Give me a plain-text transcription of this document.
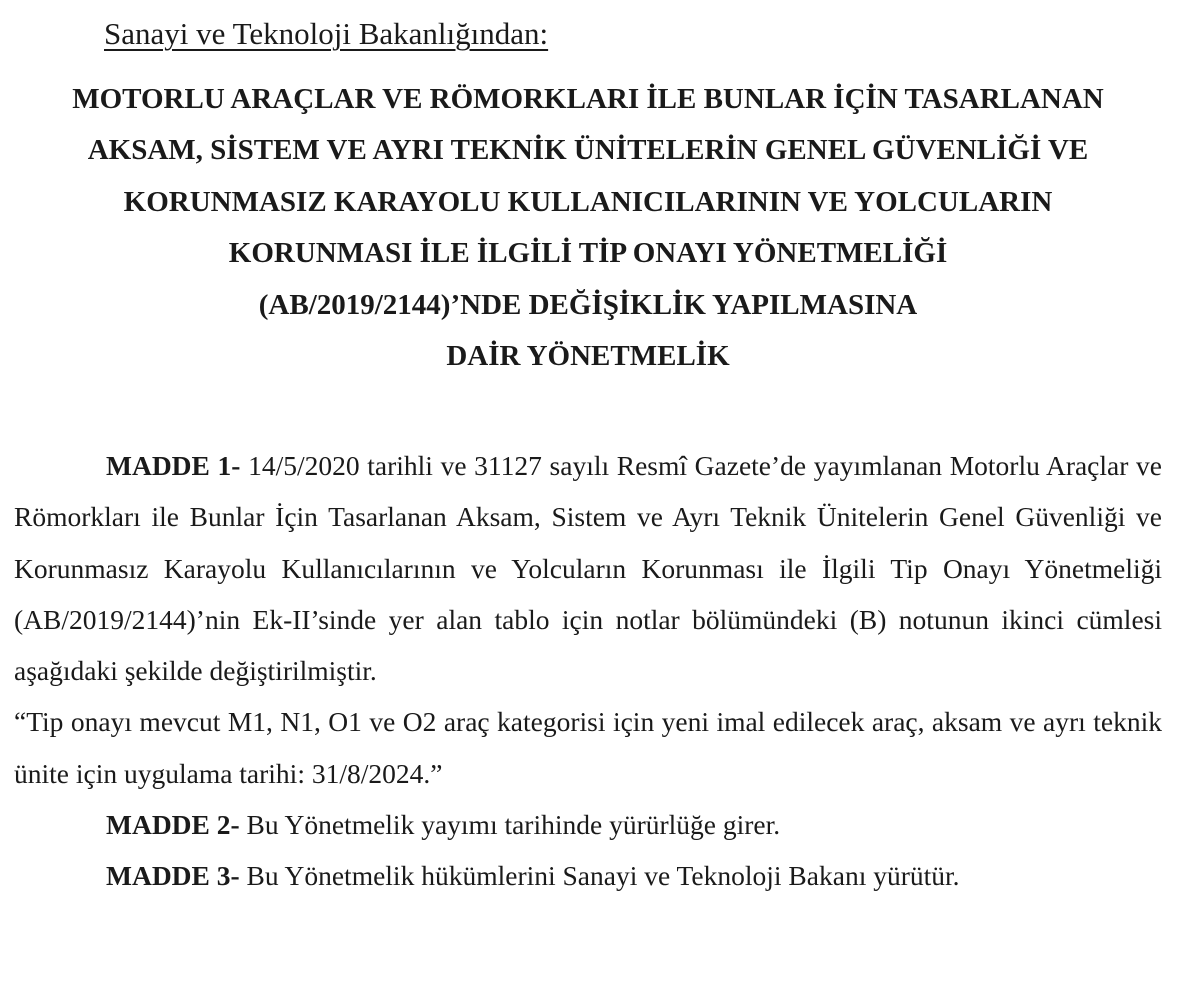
Sanayi ve Teknoloji Bakanlığından:

MOTORLU ARAÇLAR VE RÖMORKLARI İLE BUNLAR İÇİN TASARLANAN
AKSAM, SİSTEM VE AYRI TEKNİK ÜNİTELERİN GENEL GÜVENLİĞİ VE
KORUNMASIZ KARAYOLU KULLANICILARININ VE YOLCULARIN
KORUNMASI İLE İLGİLİ TİP ONAYI YÖNETMELİĞİ
(AB/2019/2144)’NDE DEĞİŞİKLİK YAPILMASINA
DAİR YÖNETMELİK

MADDE 1- 14/5/2020 tarihli ve 31127 sayılı Resmî Gazete’de yayımlanan Motorlu Araçlar ve Römorkları ile Bunlar İçin Tasarlanan Aksam, Sistem ve Ayrı Teknik Ünitelerin Genel Güvenliği ve Korunmasız Karayolu Kullanıcılarının ve Yolcuların Korunması ile İlgili Tip Onayı Yönetmeliği (AB/2019/2144)’nin Ek-II’sinde yer alan tablo için notlar bölümündeki (B) notunun ikinci cümlesi aşağıdaki şekilde değiştirilmiştir.

“Tip onayı mevcut M1, N1, O1 ve O2 araç kategorisi için yeni imal edilecek araç, aksam ve ayrı teknik ünite için uygulama tarihi: 31/8/2024.”

MADDE 2- Bu Yönetmelik yayımı tarihinde yürürlüğe girer.

MADDE 3- Bu Yönetmelik hükümlerini Sanayi ve Teknoloji Bakanı yürütür.
